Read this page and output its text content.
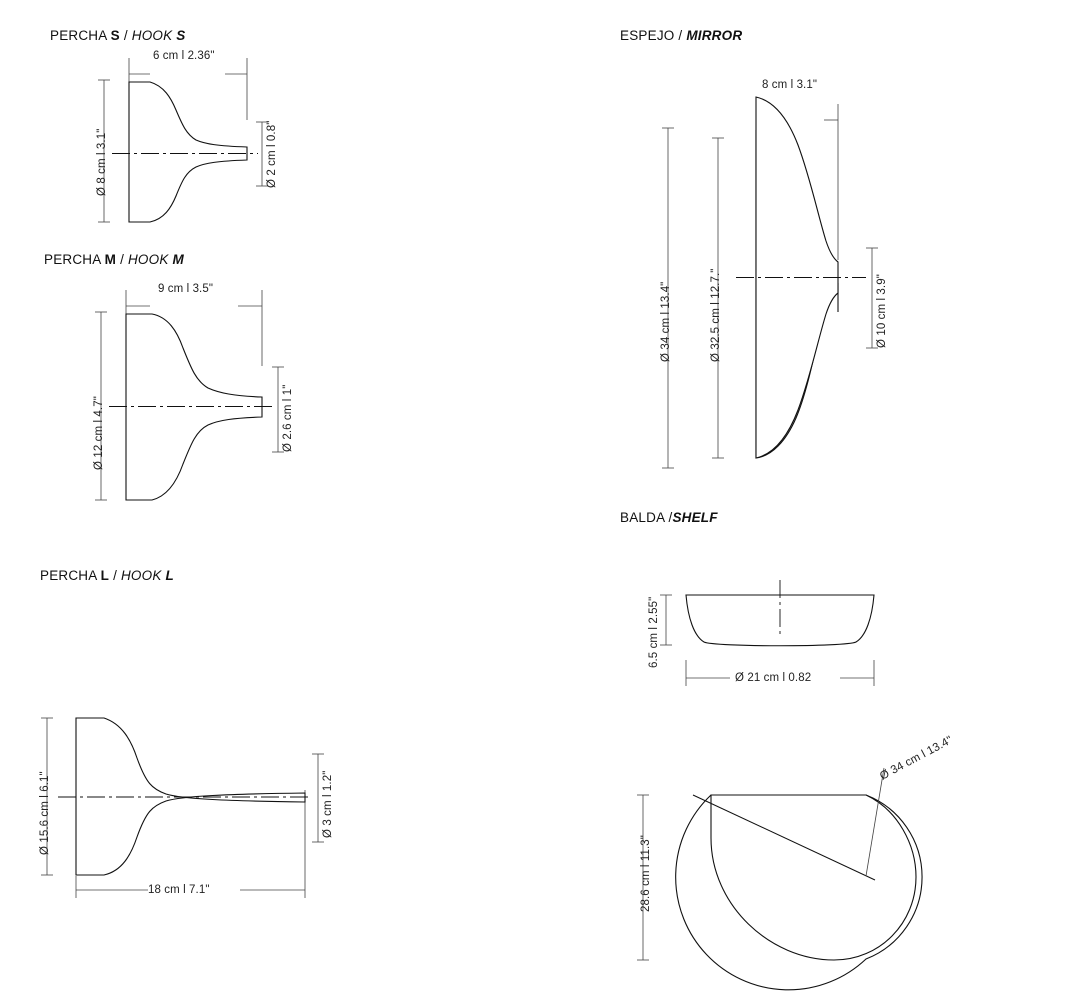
PERCHA S / HOOK S
6 cm l 2.36"
Ø 8 cm l 3.1"	Ø 2 cm l 0.8"
PERCHA M / HOOK M
9 cm l 3.5"
Ø 12 cm l 4.7"	Ø 2.6 cm l 1"
PERCHA L / HOOK L
18 cm l 7.1"
Ø 15.6 cm l 6.1"	Ø 3 cm l 1.2"
ESPEJO / MIRROR
8 cm l 3.1"
Ø 34 cm l 13.4"	Ø 32.5 cm l 12.7."	Ø 10 cm l 3.9"
BALDA /SHELF
6.5 cm l 2.55"
Ø 21 cm l 0.82
28.6 cm l 11.3"
Ø 34 cm l 13.4"
